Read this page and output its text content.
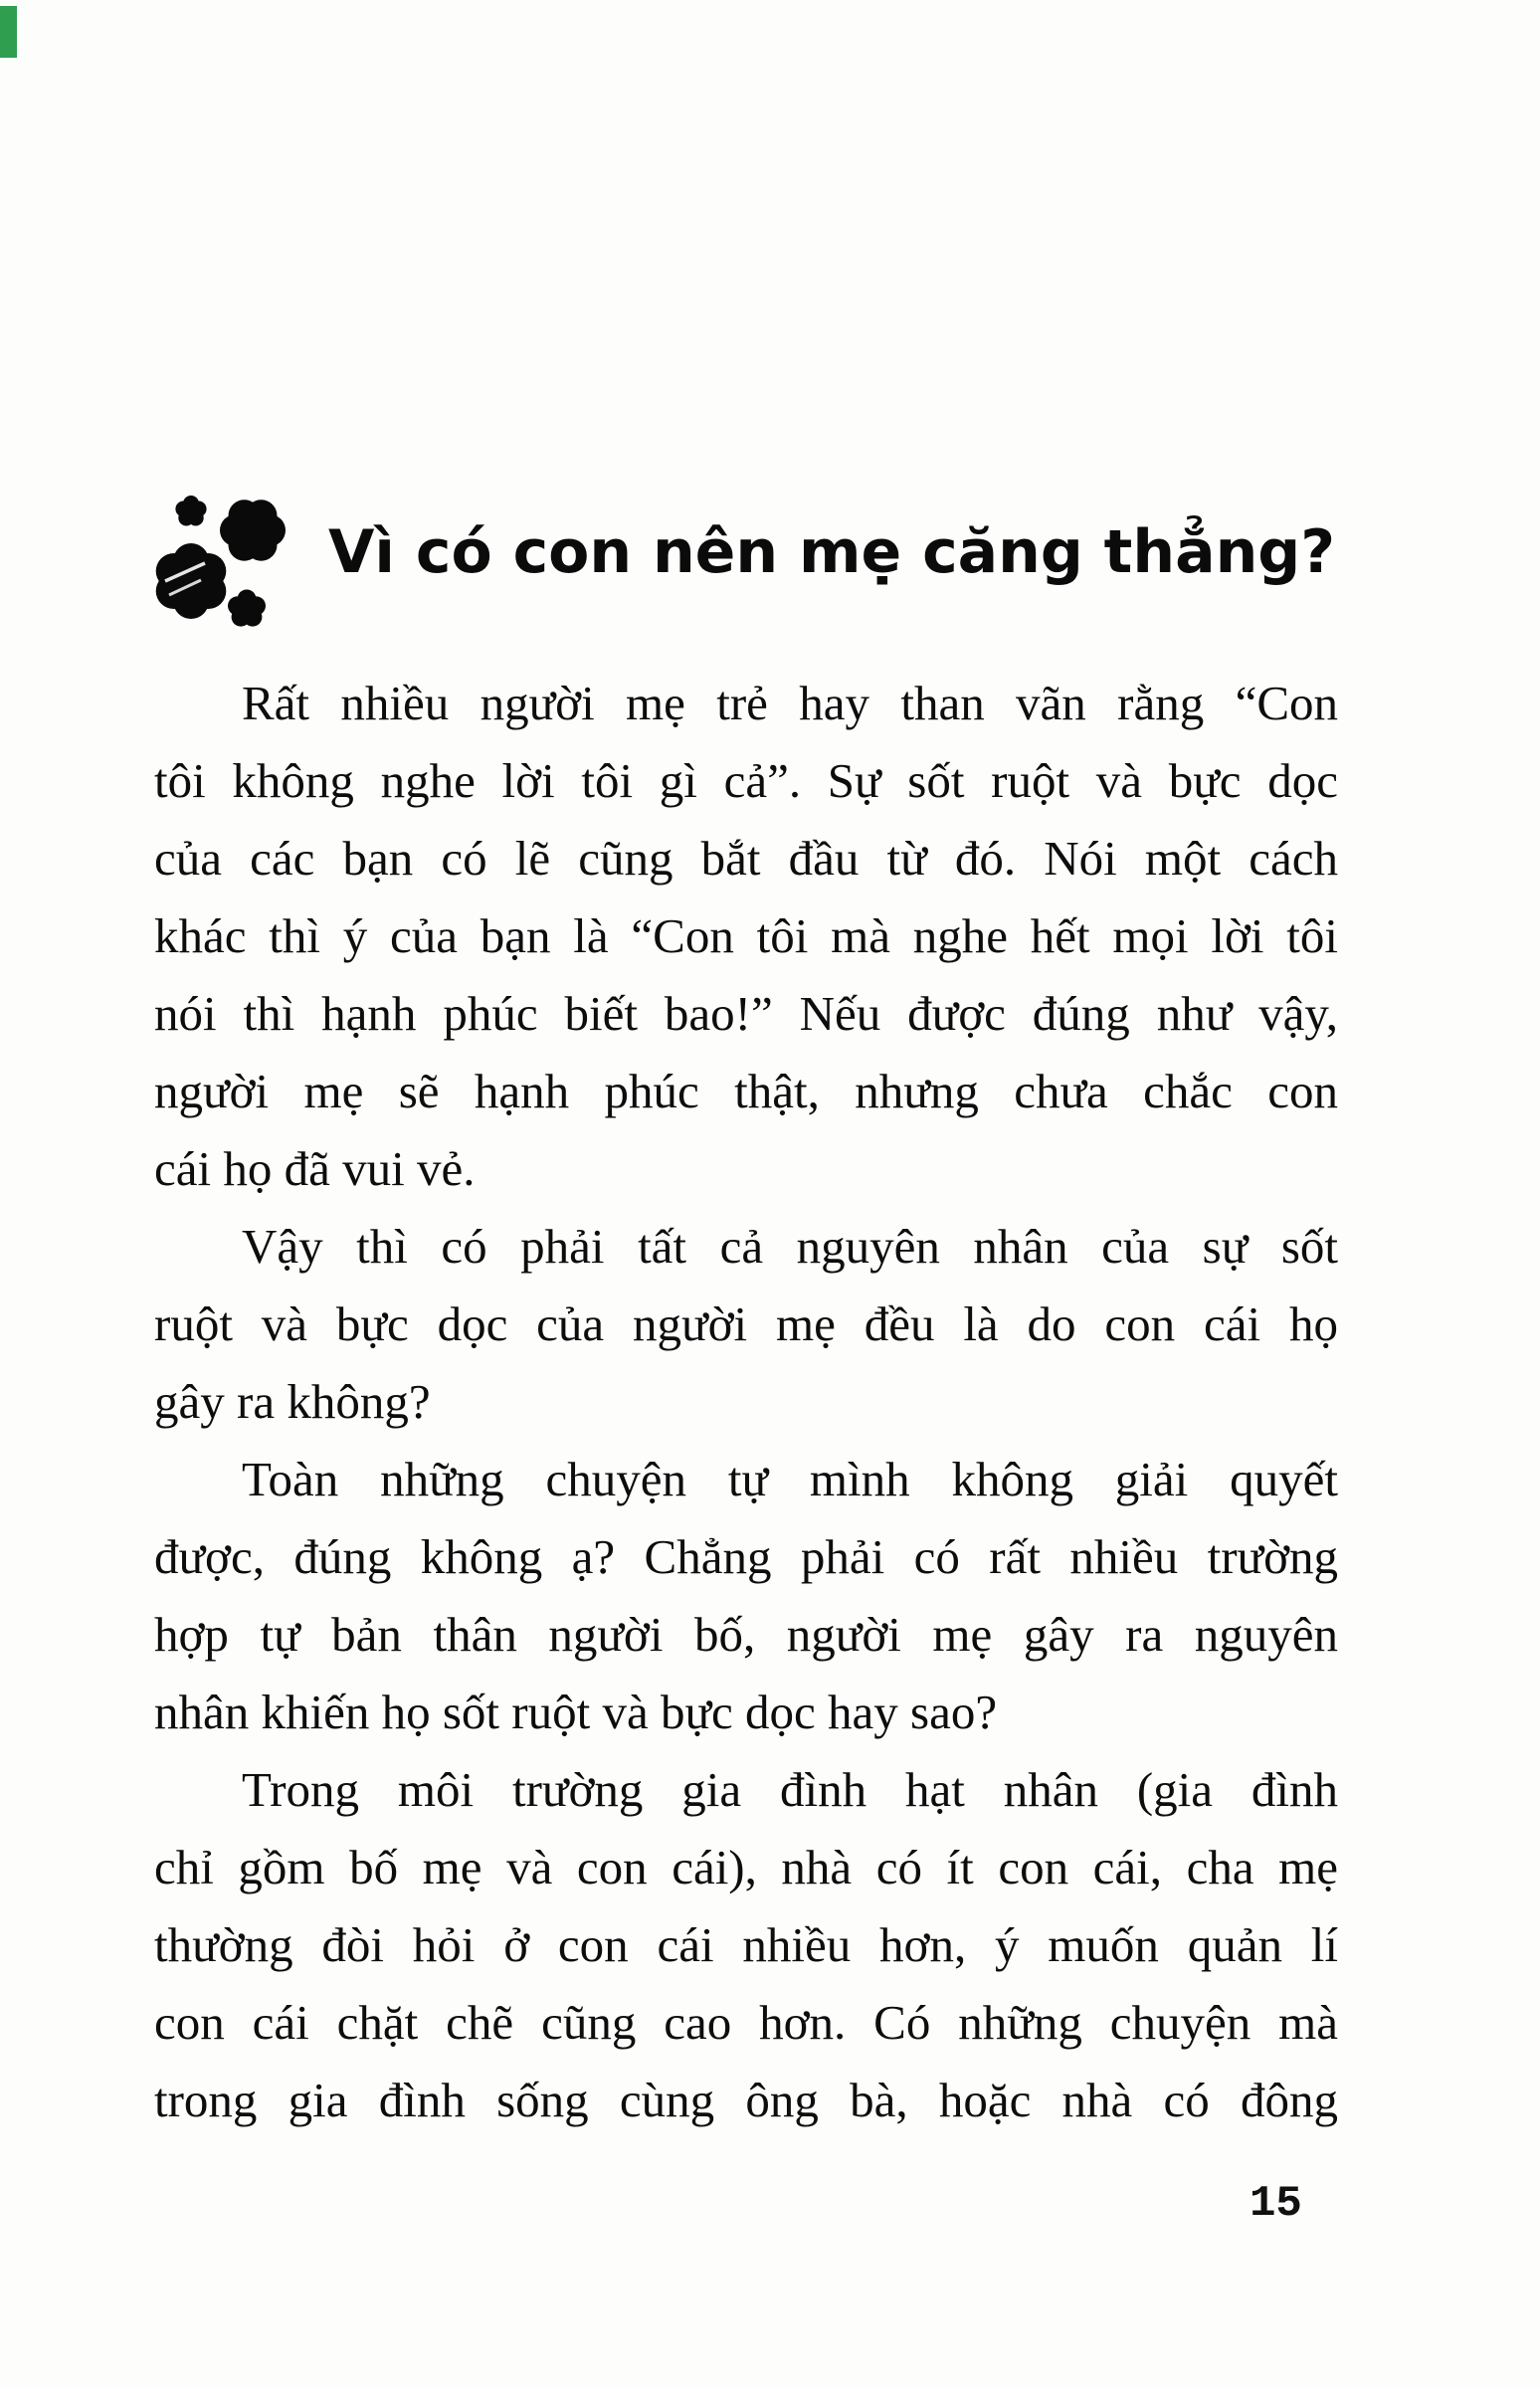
Vì có con nên mẹ căng thẳng?
Rất nhiều người mẹ trẻ hay than vãn rằng “Con
tôi không nghe lời tôi gì cả”. Sự sốt ruột và bực dọc
của các bạn có lẽ cũng bắt đầu từ đó. Nói một cách
khác thì ý của bạn là “Con tôi mà nghe hết mọi lời tôi
nói thì hạnh phúc biết bao!” Nếu được đúng như vậy,
người mẹ sẽ hạnh phúc thật, nhưng chưa chắc con
cái họ đã vui vẻ.
Vậy thì có phải tất cả nguyên nhân của sự sốt
ruột và bực dọc của người mẹ đều là do con cái họ
gây ra không?
Toàn những chuyện tự mình không giải quyết
được, đúng không ạ? Chẳng phải có rất nhiều trường
hợp tự bản thân người bố, người mẹ gây ra nguyên
nhân khiến họ sốt ruột và bực dọc hay sao?
Trong môi trường gia đình hạt nhân (gia đình
chỉ gồm bố mẹ và con cái), nhà có ít con cái, cha mẹ
thường đòi hỏi ở con cái nhiều hơn, ý muốn quản lí
con cái chặt chẽ cũng cao hơn. Có những chuyện mà
trong gia đình sống cùng ông bà, hoặc nhà có đông
15
